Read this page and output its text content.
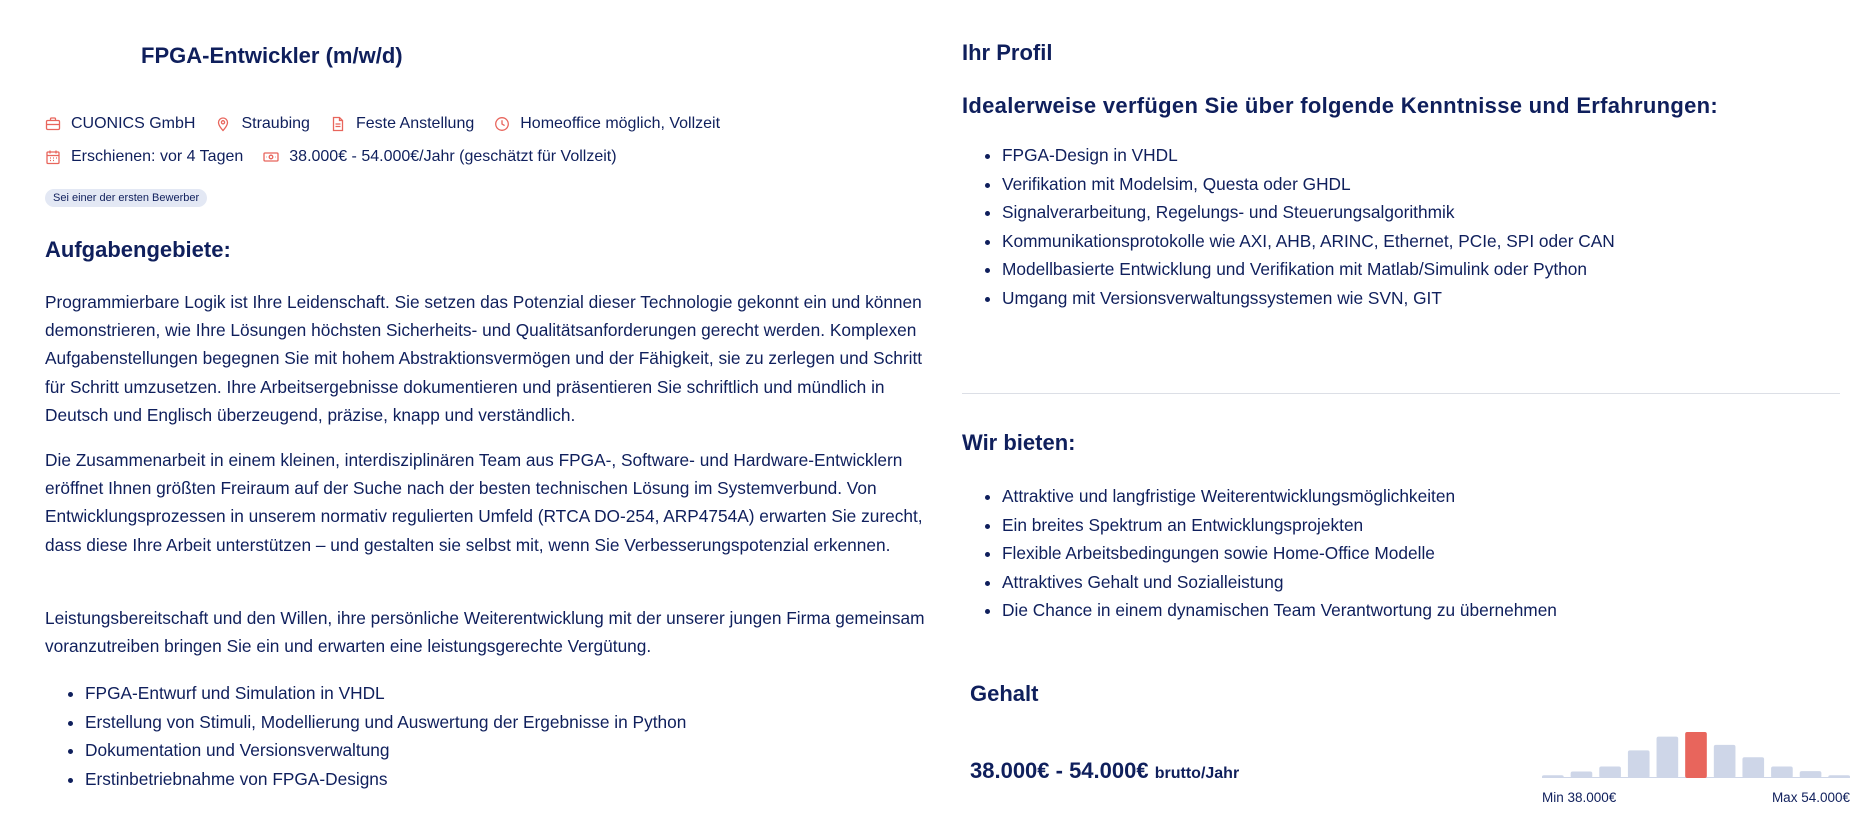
FPGA-Entwickler (m/w/d)
CUONICS GmbH	Straubing	Feste Anstellung	Homeoffice möglich, Vollzeit
Erschienen: vor 4 Tagen	38.000€ - 54.000€/Jahr (geschätzt für Vollzeit)
Sei einer der ersten Bewerber
Aufgabengebiete:

Programmierbare Logik ist Ihre Leidenschaft. Sie setzen das Potenzial dieser Technologie gekonnt ein und können demonstrieren, wie Ihre Lösungen höchsten Sicherheits- und Qualitätsanforderungen gerecht werden. Komplexen Aufgabenstellungen begegnen Sie mit hohem Abstraktionsvermögen und der Fähigkeit, sie zu zerlegen und Schritt für Schritt umzusetzen. Ihre Arbeitsergebnisse dokumentieren und präsentieren Sie schriftlich und mündlich in Deutsch und Englisch überzeugend, präzise, knapp und verständlich.

Die Zusammenarbeit in einem kleinen, interdisziplinären Team aus FPGA-, Software- und Hardware-Entwicklern eröffnet Ihnen größten Freiraum auf der Suche nach der besten technischen Lösung im Systemverbund. Von Entwicklungsprozessen in unserem normativ regulierten Umfeld (RTCA DO-254, ARP4754A) erwarten Sie zurecht, dass diese Ihre Arbeit unterstützen – und gestalten sie selbst mit, wenn Sie Verbesserungspotenzial erkennen.

Leistungsbereitschaft und den Willen, ihre persönliche Weiterentwicklung mit der unserer jungen Firma gemeinsam voranzutreiben bringen Sie ein und erwarten eine leistungsgerechte Vergütung.

• FPGA-Entwurf und Simulation in VHDL
• Erstellung von Stimuli, Modellierung und Auswertung der Ergebnisse in Python
• Dokumentation und Versionsverwaltung
• Erstinbetriebnahme von FPGA-Designs
Ihr Profil
Idealerweise verfügen Sie über folgende Kenntnisse und Erfahrungen:
• FPGA-Design in VHDL
• Verifikation mit Modelsim, Questa oder GHDL
• Signalverarbeitung, Regelungs- und Steuerungsalgorithmik
• Kommunikationsprotokolle wie AXI, AHB, ARINC, Ethernet, PCIe, SPI oder CAN
• Modellbasierte Entwicklung und Verifikation mit Matlab/Simulink oder Python
• Umgang mit Versionsverwaltungssystemen wie SVN, GIT
Wir bieten:
• Attraktive und langfristige Weiterentwicklungsmöglichkeiten
• Ein breites Spektrum an Entwicklungsprojekten
• Flexible Arbeitsbedingungen sowie Home-Office Modelle
• Attraktives Gehalt und Sozialleistung
• Die Chance in einem dynamischen Team Verantwortung zu übernehmen
Gehalt
38.000€ - 54.000€ brutto/Jahr
Min 38.000€	Max 54.000€
